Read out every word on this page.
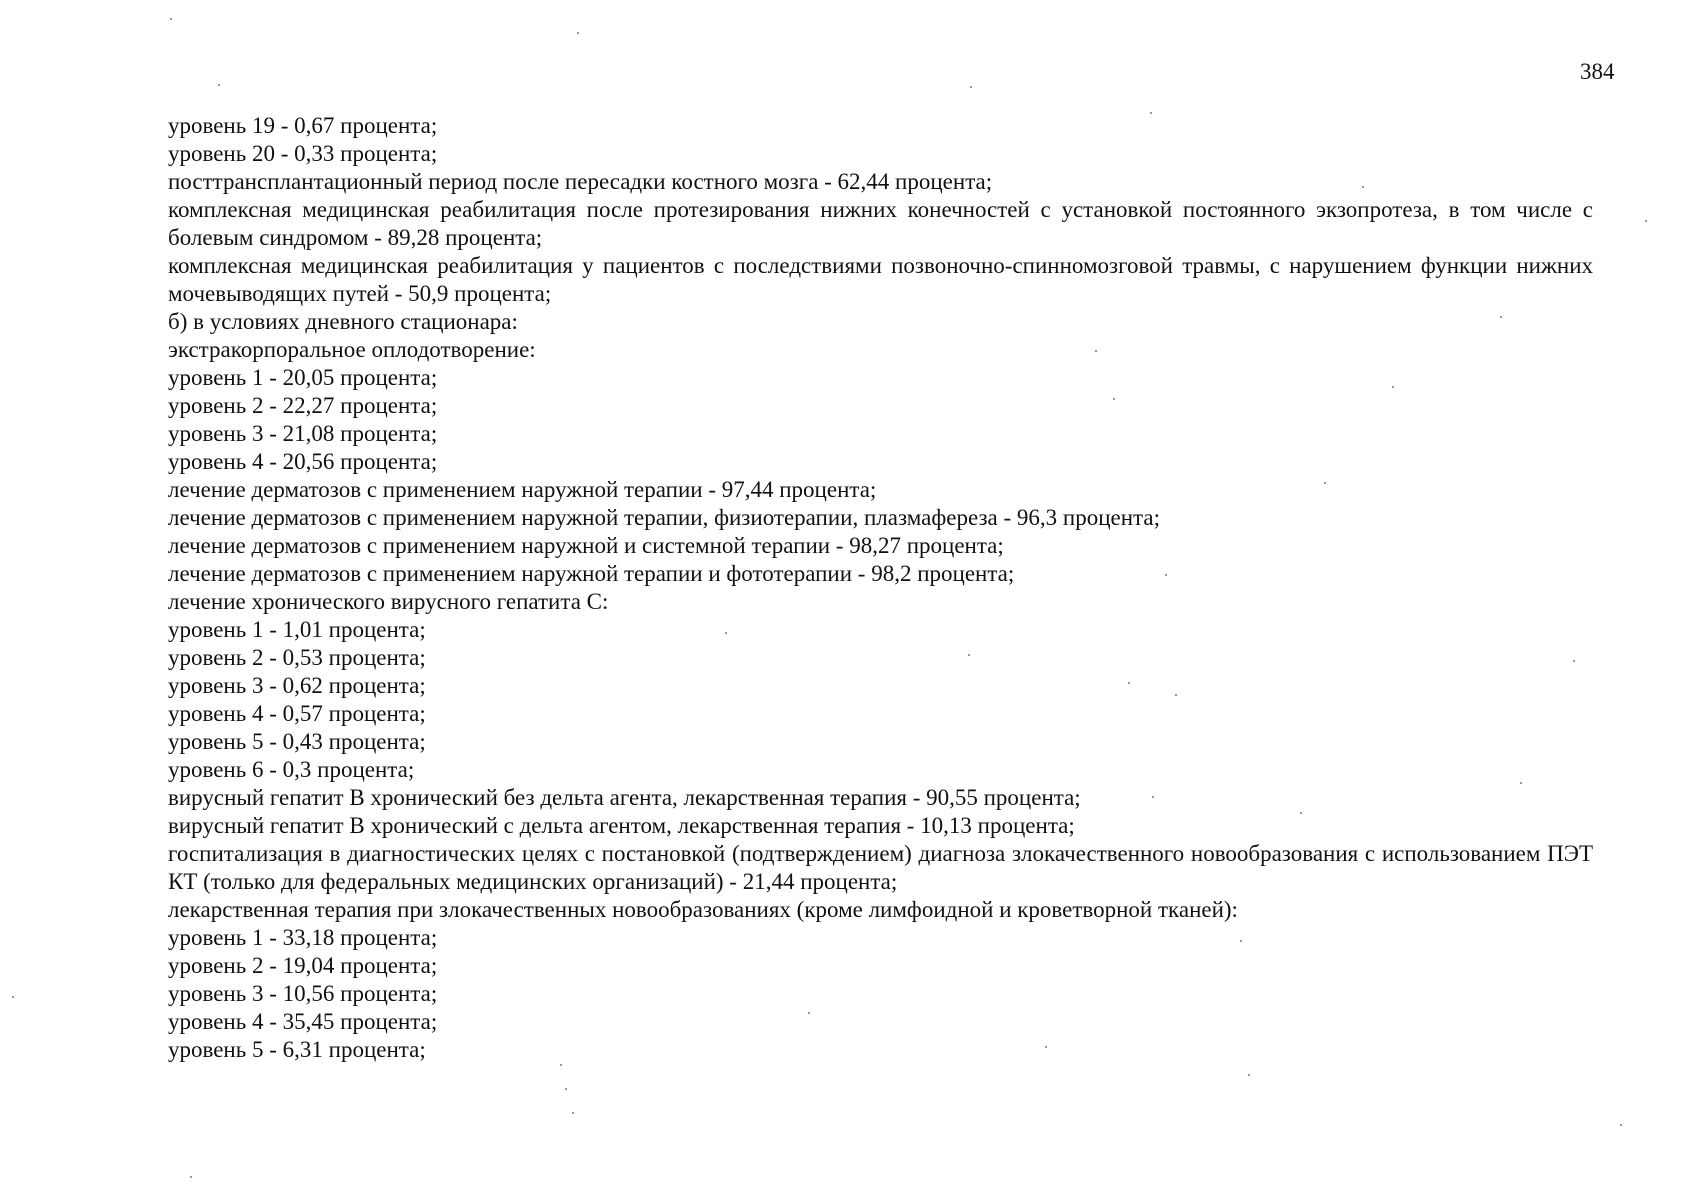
384
уровень 19 - 0,67 процента;
уровень 20 - 0,33 процента;
посттрансплантационный период после пересадки костного мозга - 62,44 процента;
комплексная медицинская реабилитация после протезирования нижних конечностей с установкой постоянного экзопротеза, в том числе с болевым синдромом - 89,28 процента;
комплексная медицинская реабилитация у пациентов с последствиями позвоночно-спинномозговой травмы, с нарушением функции нижних мочевыводящих путей - 50,9 процента;
б) в условиях дневного стационара:
экстракорпоральное оплодотворение:
уровень 1 - 20,05 процента;
уровень 2 - 22,27 процента;
уровень 3 - 21,08 процента;
уровень 4 - 20,56 процента;
лечение дерматозов с применением наружной терапии - 97,44 процента;
лечение дерматозов с применением наружной терапии, физиотерапии, плазмафереза - 96,3 процента;
лечение дерматозов с применением наружной и системной терапии - 98,27 процента;
лечение дерматозов с применением наружной терапии и фототерапии - 98,2 процента;
лечение хронического вирусного гепатита C:
уровень 1 - 1,01 процента;
уровень 2 - 0,53 процента;
уровень 3 - 0,62 процента;
уровень 4 - 0,57 процента;
уровень 5 - 0,43 процента;
уровень 6 - 0,3 процента;
вирусный гепатит B хронический без дельта агента, лекарственная терапия - 90,55 процента;
вирусный гепатит B хронический с дельта агентом, лекарственная терапия - 10,13 процента;
госпитализация в диагностических целях с постановкой (подтверждением) диагноза злокачественного новообразования с использованием ПЭТ КТ (только для федеральных медицинских организаций) - 21,44 процента;
лекарственная терапия при злокачественных новообразованиях (кроме лимфоидной и кроветворной тканей):
уровень 1 - 33,18 процента;
уровень 2 - 19,04 процента;
уровень 3 - 10,56 процента;
уровень 4 - 35,45 процента;
уровень 5 - 6,31 процента;
